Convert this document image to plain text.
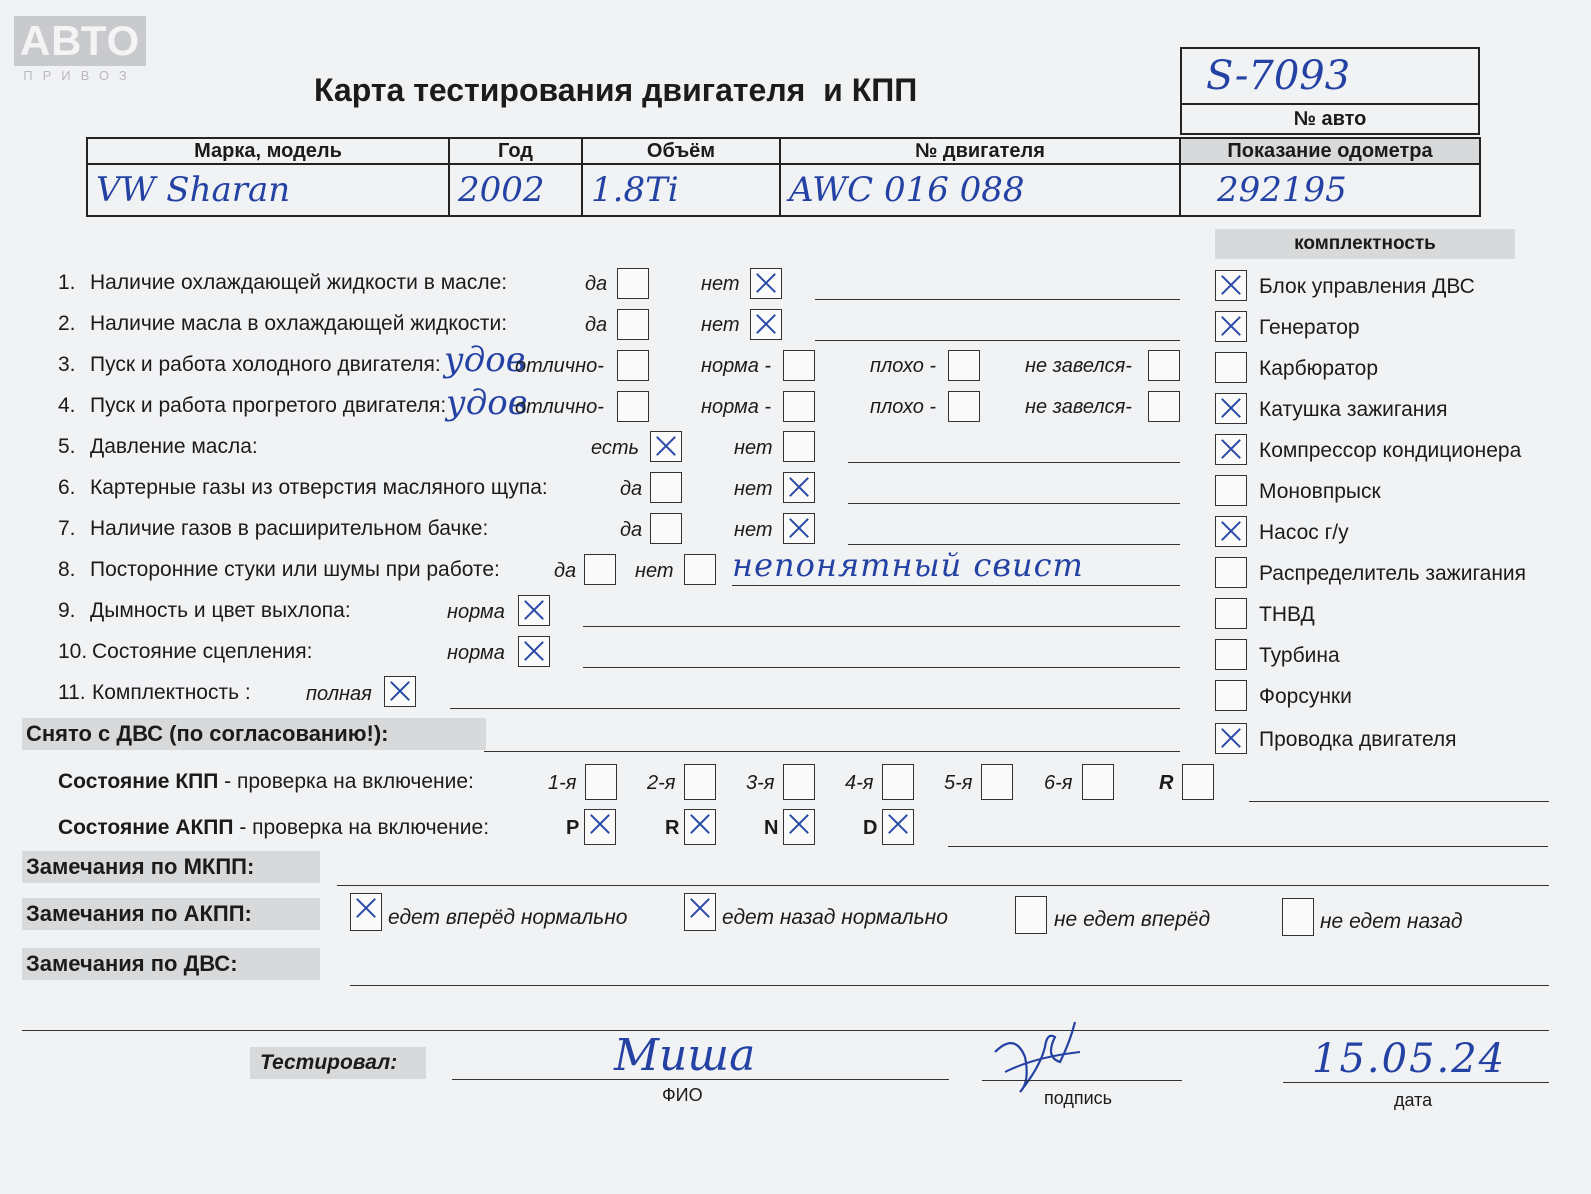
АВТО
ПРИВОЗ	Карта тестирования двигателя  и КПП	S-7093
№ авто
Марка, модель	Год	Объём	№ двигателя	Показание одометра
VW Sharan	2002	1.8Ti	AWC 016 088	292195
комплектность
1. Наличие охлаждающей жидкости в масле:	да	нет
2. Наличие масла в охлаждающей жидкости:	да	нет
3. Пуск и работа холодного двигателя: удов
отлично-	норма -	плохо -	не завелся-
4. Пуск и работа прогретого двигателя: удов
отлично-	норма -	плохо -	не завелся-
5. Давление масла:	есть	нет
6. Картерные газы из отверстия масляного щупа:	да	нет
7. Наличие газов в расширительном бачке:	да	нет
8. Посторонние стуки или шумы при работе:	да	нет непонятный свист
9. Дымность и цвет выхлопа:	норма
10. Состояние сцепления:	норма
11. Комплектность :	полная
Снято с ДВС (по согласованию!):
Блок управления ДВС
Генератор
Карбюратор
Катушка зажигания
Компрессор кондиционера
Моновпрыск
Насос г/у
Распределитель зажигания
ТНВД
Турбина
Форсунки
Проводка двигателя
Состояние КПП - проверка на включение:	1-я	2-я	3-я	4-я	5-я	6-я	R
Состояние АКПП - проверка на включение:	P	R	N	D
Замечания по МКПП:
Замечания по АКПП:	едет вперёд нормально	едет назад нормально	не едет вперёд	не едет назад
Замечания по ДВС:
Тестировал:	Миша
ФИО	подпись
15.05.24
дата
